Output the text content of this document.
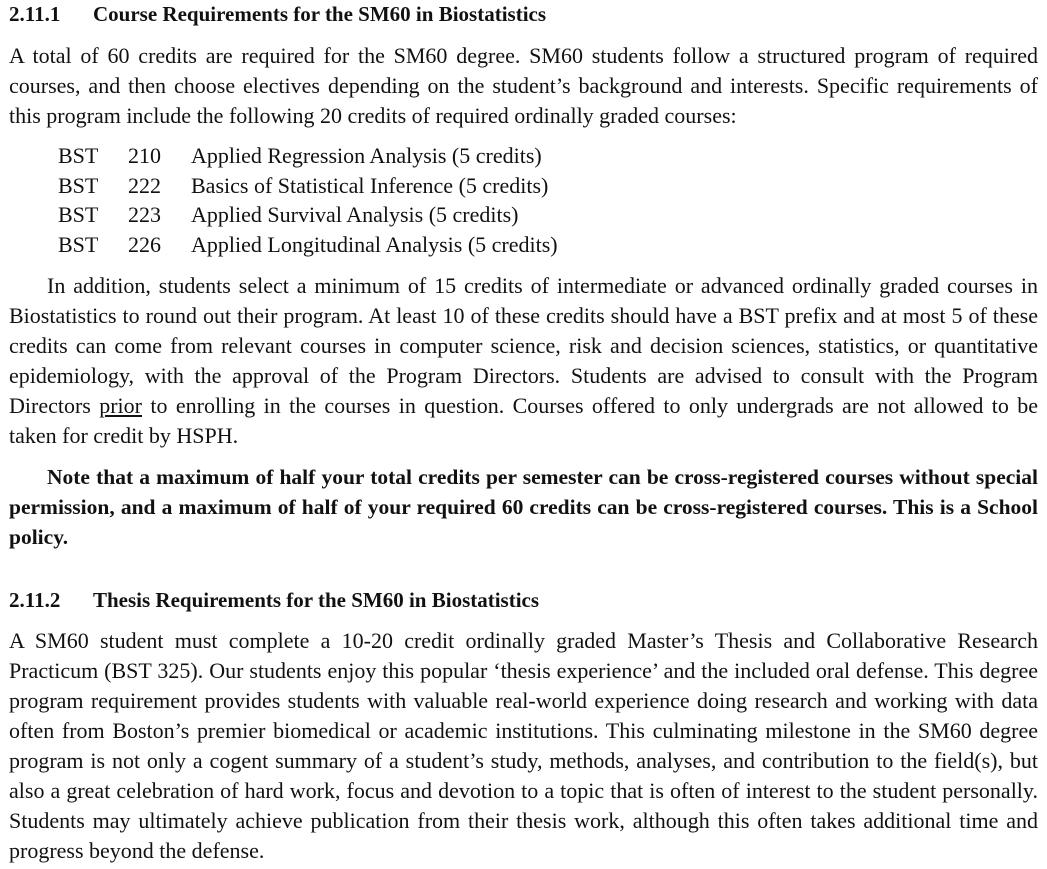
2.11.1 Course Requirements for the SM60 in Biostatistics

A total of 60 credits are required for the SM60 degree. SM60 students follow a structured program of required courses, and then choose electives depending on the student’s background and interests. Specific requirements of this program include the following 20 credits of required ordinally graded courses:

BST	210	Applied Regression Analysis (5 credits)
BST	222	Basics of Statistical Inference (5 credits)
BST	223	Applied Survival Analysis (5 credits)
BST	226	Applied Longitudinal Analysis (5 credits)

In addition, students select a minimum of 15 credits of intermediate or advanced ordinally graded courses in Biostatistics to round out their program. At least 10 of these credits should have a BST prefix and at most 5 of these credits can come from relevant courses in computer science, risk and decision sciences, statistics, or quantitative epidemiology, with the approval of the Program Directors. Students are advised to consult with the Program Directors prior to enrolling in the courses in question. Courses offered to only undergrads are not allowed to be taken for credit by HSPH.

Note that a maximum of half your total credits per semester can be cross-registered courses without special permission, and a maximum of half of your required 60 credits can be cross-registered courses. This is a School policy.

2.11.2 Thesis Requirements for the SM60 in Biostatistics

A SM60 student must complete a 10-20 credit ordinally graded Master’s Thesis and Collaborative Research Practicum (BST 325). Our students enjoy this popular ‘thesis experience’ and the included oral defense. This degree program requirement provides students with valuable real-world experience doing research and working with data often from Boston’s premier biomedical or academic institutions. This culminating milestone in the SM60 degree program is not only a cogent summary of a student’s study, methods, analyses, and contribution to the field(s), but also a great celebration of hard work, focus and devotion to a topic that is often of interest to the student personally. Students may ultimately achieve publication from their thesis work, although this often takes additional time and progress beyond the defense.
